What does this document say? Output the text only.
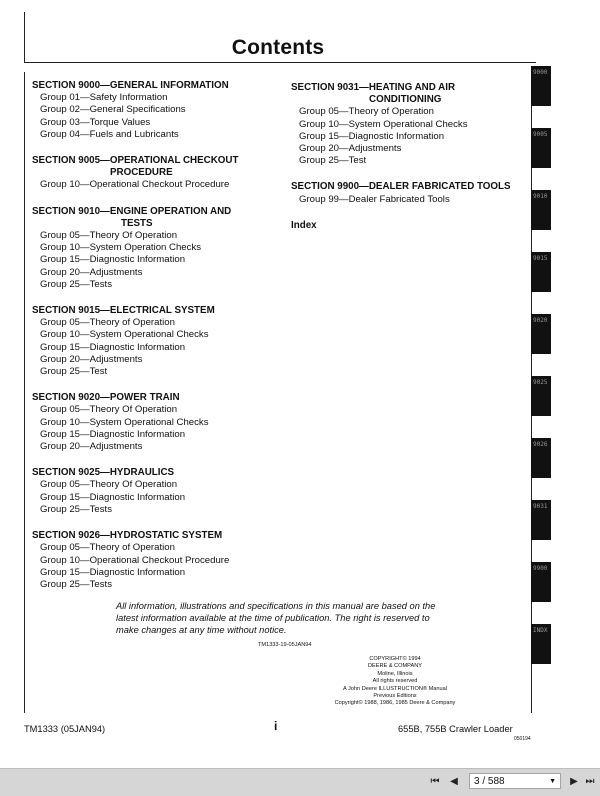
Contents
SECTION 9000—GENERAL INFORMATION
Group 01—Safety Information
Group 02—General Specifications
Group 03—Torque Values
Group 04—Fuels and Lubricants
SECTION 9005—OPERATIONAL CHECKOUT
PROCEDURE
Group 10—Operational Checkout Procedure
SECTION 9010—ENGINE OPERATION AND
TESTS
Group 05—Theory Of Operation
Group 10—System Operation Checks
Group 15—Diagnostic Information
Group 20—Adjustments
Group 25—Tests
SECTION 9015—ELECTRICAL SYSTEM
Group 05—Theory of Operation
Group 10—System Operational Checks
Group 15—Diagnostic Information
Group 20—Adjustments
Group 25—Test
SECTION 9020—POWER TRAIN
Group 05—Theory Of Operation
Group 10—System Operational Checks
Group 15—Diagnostic Information
Group 20—Adjustments
SECTION 9025—HYDRAULICS
Group 05—Theory Of Operation
Group 15—Diagnostic Information
Group 25—Tests
SECTION 9026—HYDROSTATIC SYSTEM
Group 05—Theory of Operation
Group 10—Operational Checkout Procedure
Group 15—Diagnostic Information
Group 25—Tests
SECTION 9031—HEATING AND AIR
CONDITIONING
Group 05—Theory of Operation
Group 10—System Operational Checks
Group 15—Diagnostic Information
Group 20—Adjustments
Group 25—Test
SECTION 9900—DEALER FABRICATED TOOLS
Group 99—Dealer Fabricated Tools
Index
All information, illustrations and specifications in this manual are based on the latest information available at the time of publication. The right is reserved to make changes at any time without notice.
TM1333-19-05JAN94
COPYRIGHT© 1994
DEERE & COMPANY
Moline, Illinois
All rights reserved
A John Deere ILLUSTRUCTION® Manual
Previous Editions
Copyright© 1988, 1986, 1985 Deere & Company
9000
9005
9010
9015
9020
9025
9026
9031
9900
INDX
TM1333 (05JAN94)	i	655B, 755B Crawler Loader
050194
⏮	◀	3 / 588	▼	▶ ⏭
